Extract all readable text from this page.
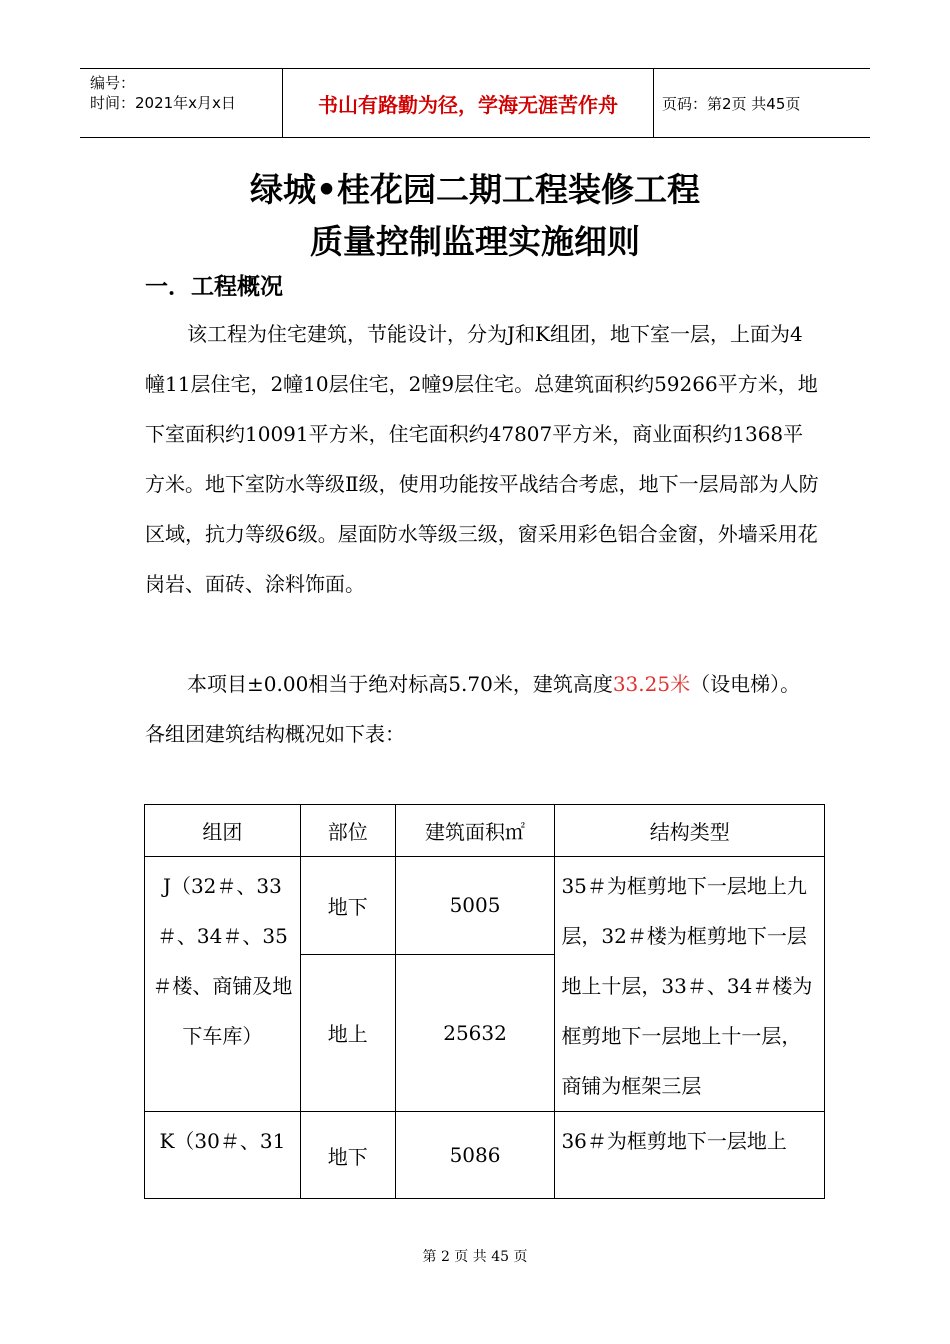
编号：
时间：2021年x月x日	书山有路勤为径，学海无涯苦作舟	页码：第2页 共45页
绿城•桂花园二期工程装修工程
质量控制监理实施细则
一．工程概况

该工程为住宅建筑，节能设计，分为J和K组团，地下室一层，上面为4幢11层住宅，2幢10层住宅，2幢9层住宅。总建筑面积约59266平方米，地下室面积约10091平方米，住宅面积约47807平方米，商业面积约1368平方米。地下室防水等级Ⅱ级，使用功能按平战结合考虑，地下一层局部为人防区域，抗力等级6级。屋面防水等级三级，窗采用彩色铝合金窗，外墙采用花岗岩、面砖、涂料饰面。

本项目±0.00相当于绝对标高5.70米，建筑高度33.25米（设电梯）。各组团建筑结构概况如下表：

组团	部位	建筑面积㎡	结构类型
J（32＃、33＃、34＃、35＃楼、商铺及地下车库）	地下	5005	35＃为框剪地下一层地上九层，32＃楼为框剪地下一层地上十层，33＃、34＃楼为框剪地下一层地上十一层，商铺为框架三层
	地上	25632	
K（30＃、31	地下	5086	36＃为框剪地下一层地上
第 2 页 共 45 页
